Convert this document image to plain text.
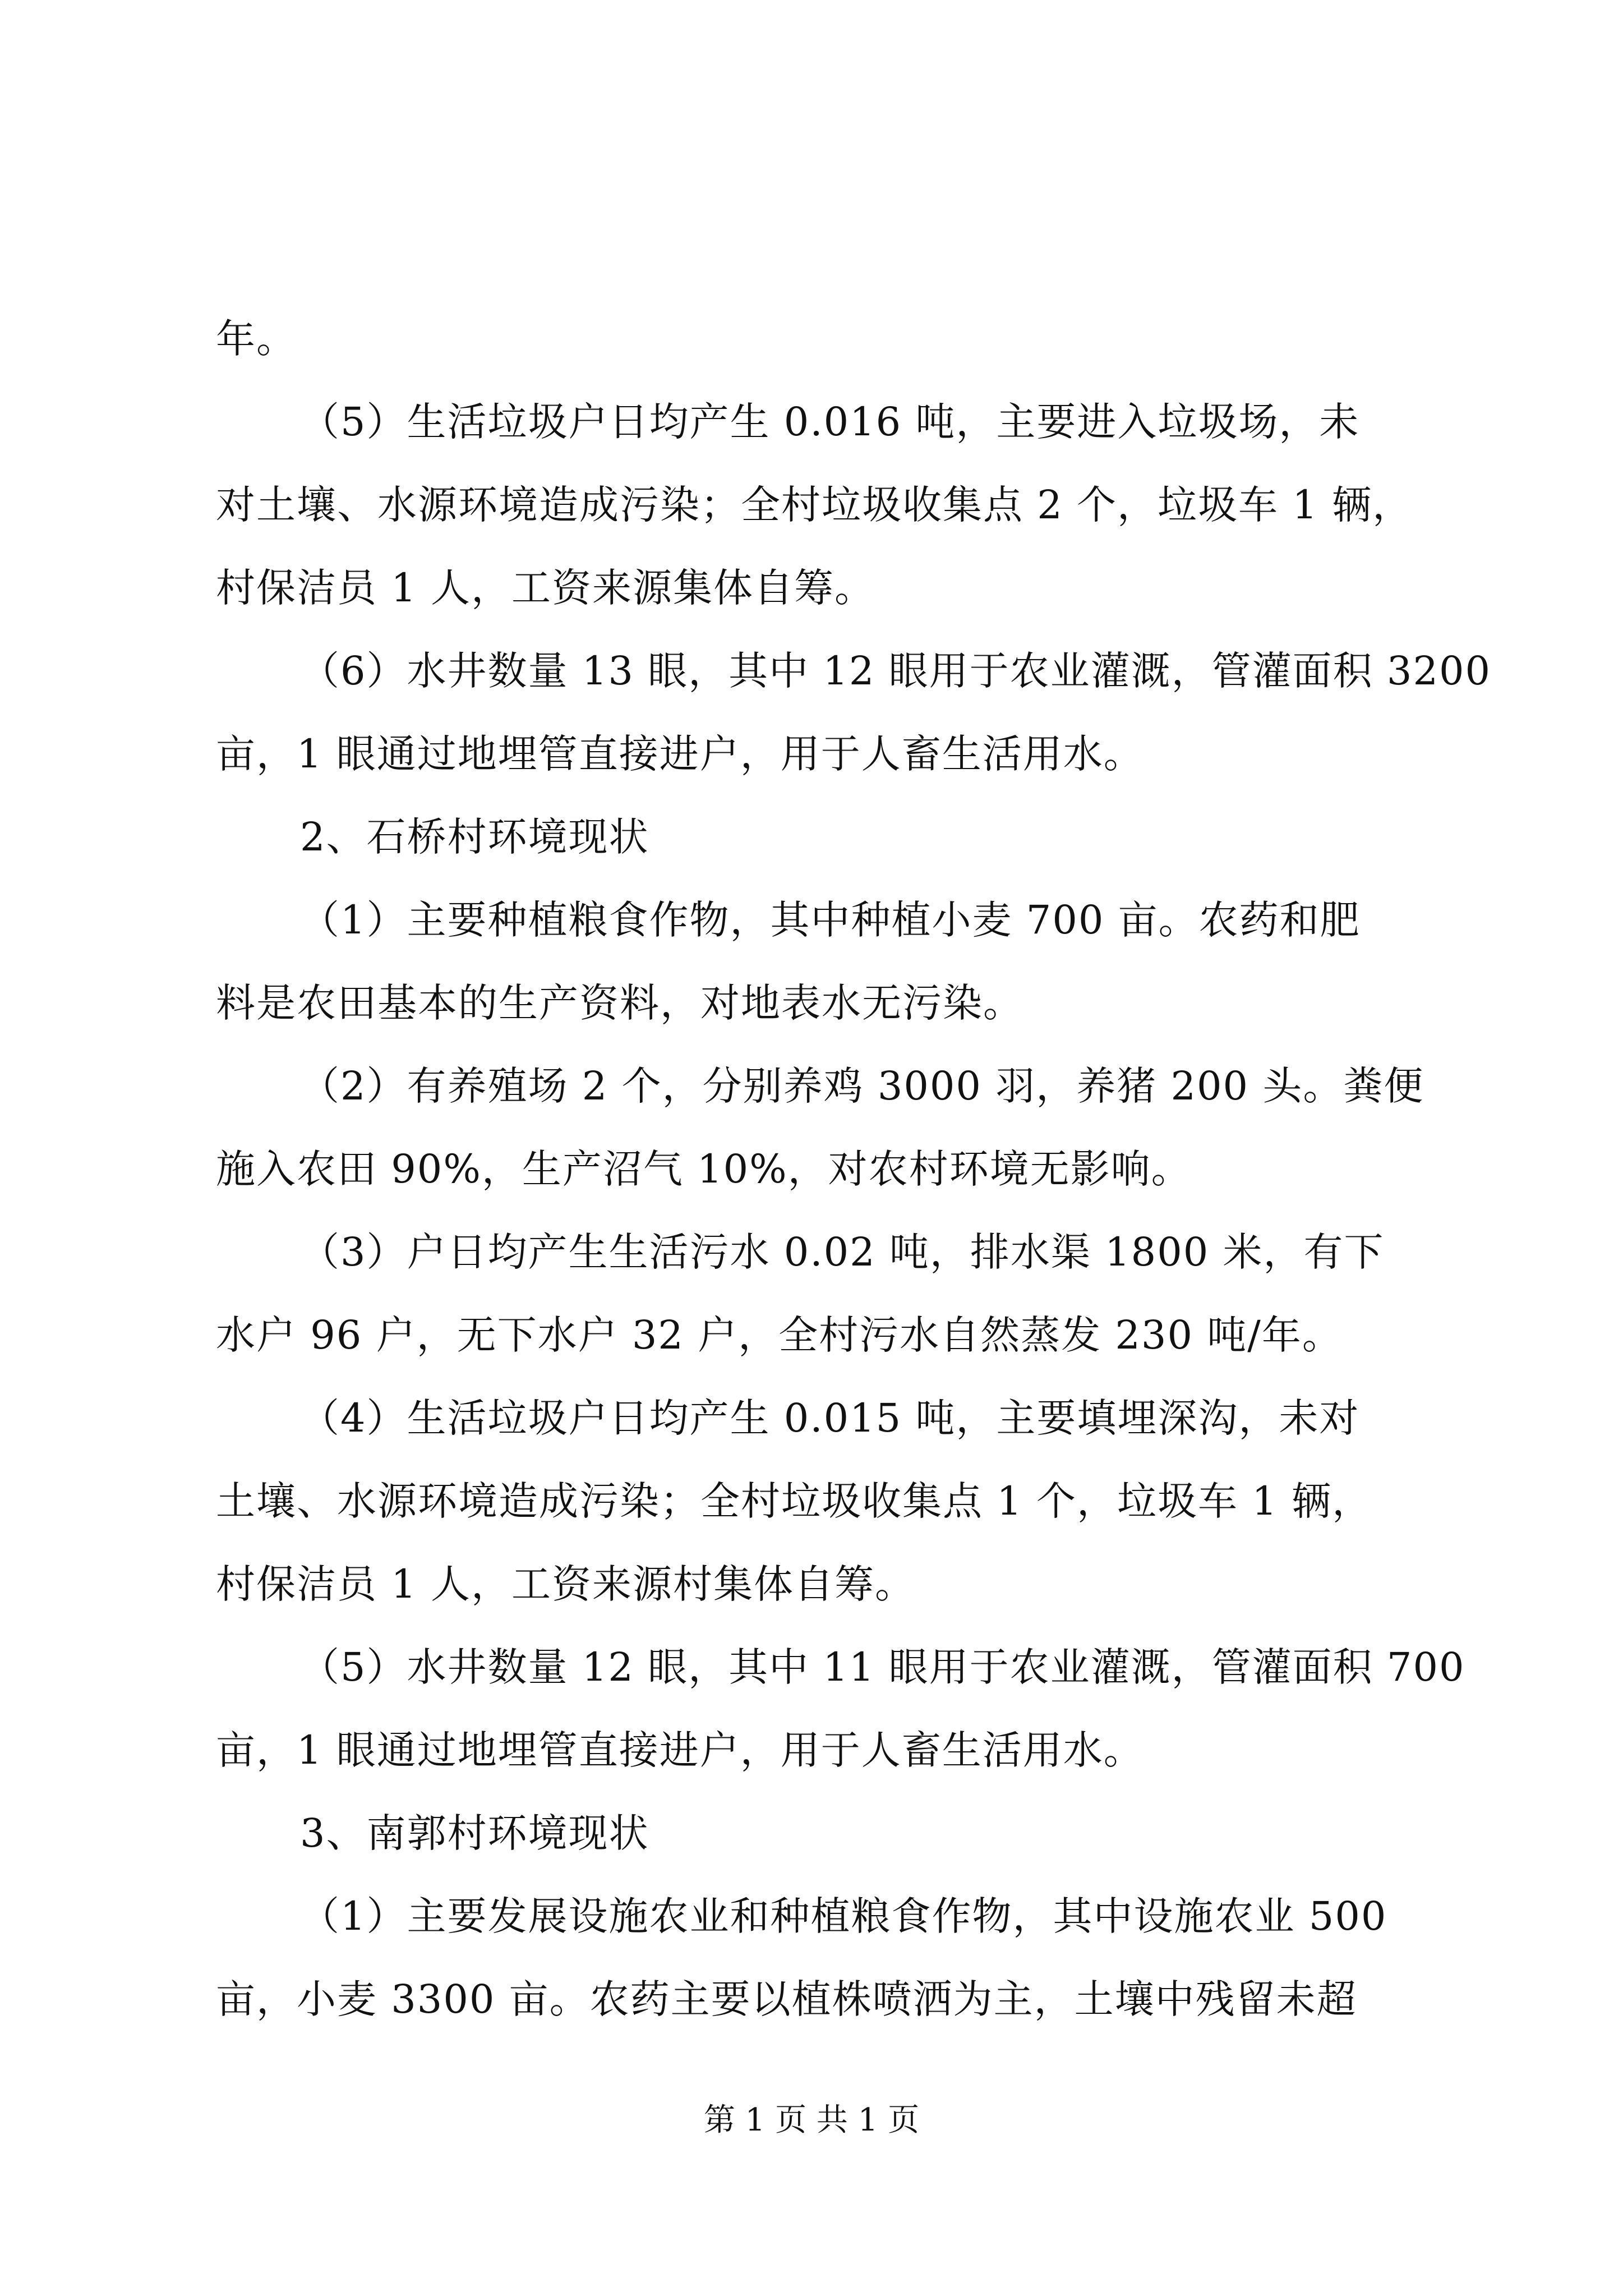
年。
（5）生活垃圾户日均产生 0.016 吨，主要进入垃圾场，未
对土壤、水源环境造成污染；全村垃圾收集点 2 个，垃圾车 1 辆，
村保洁员 1 人，工资来源集体自筹。
（6）水井数量 13 眼，其中 12 眼用于农业灌溉，管灌面积 3200
亩，1 眼通过地埋管直接进户，用于人畜生活用水。
2、石桥村环境现状
（1）主要种植粮食作物，其中种植小麦 700 亩。农药和肥
料是农田基本的生产资料，对地表水无污染。
（2）有养殖场 2 个，分别养鸡 3000 羽，养猪 200 头。粪便
施入农田 90%，生产沼气 10%，对农村环境无影响。
（3）户日均产生生活污水 0.02 吨，排水渠 1800 米，有下
水户 96 户，无下水户 32 户，全村污水自然蒸发 230 吨/年。
（4）生活垃圾户日均产生 0.015 吨，主要填埋深沟，未对
土壤、水源环境造成污染；全村垃圾收集点 1 个，垃圾车 1 辆，
村保洁员 1 人，工资来源村集体自筹。
（5）水井数量 12 眼，其中 11 眼用于农业灌溉，管灌面积 700
亩，1 眼通过地埋管直接进户，用于人畜生活用水。
3、南郭村环境现状
（1）主要发展设施农业和种植粮食作物，其中设施农业 500
亩，小麦 3300 亩。农药主要以植株喷洒为主，土壤中残留未超
第 1 页 共 1 页
